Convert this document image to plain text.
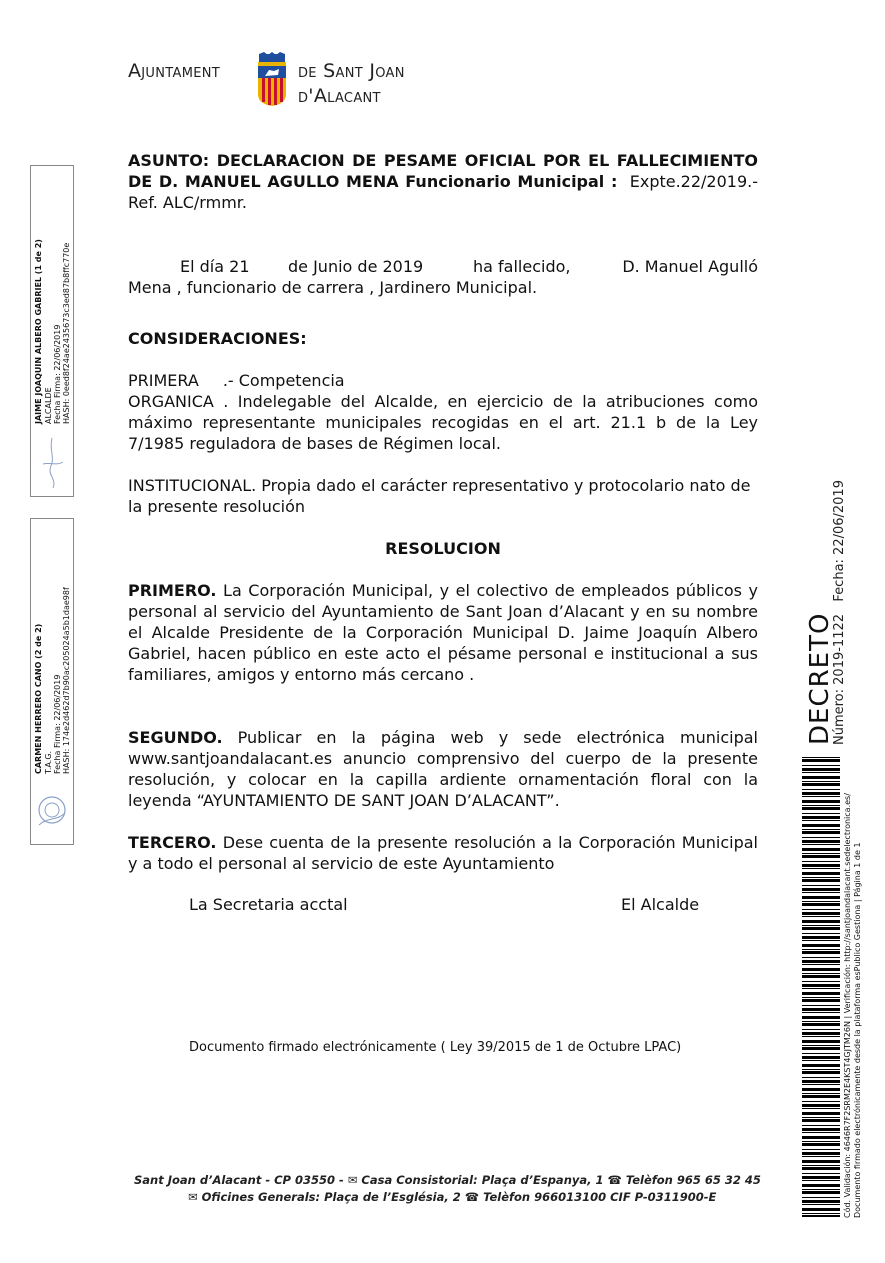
Ajuntament	de Sant Joan
d'Alacant
ASUNTO: DECLARACION DE PESAME OFICIAL POR EL FALLECIMIENTO DE D. MANUEL AGULLO MENA Funcionario Municipal : Expte.22/2019.-Ref. ALC/rmmr.
El día 21 de Junio de 2019	ha fallecido,	D. Manuel Agulló
Mena , funcionario de carrera , Jardinero Municipal.
CONSIDERACIONES:
PRIMERA .- Competencia
ORGANICA . Indelegable del Alcalde, en ejercicio de la atribuciones como máximo representante municipales recogidas en el art. 21.1 b de la Ley 7/1985 reguladora de bases de Régimen local.
INSTITUCIONAL. Propia dado el carácter representativo y protocolario nato de la presente resolución
RESOLUCION
PRIMERO. La Corporación Municipal, y el colectivo de empleados públicos y personal al servicio del Ayuntamiento de Sant Joan d’Alacant y en su nombre el Alcalde Presidente de la Corporación Municipal D. Jaime Joaquín Albero Gabriel, hacen público en este acto el pésame personal e institucional a sus familiares, amigos y entorno más cercano .
SEGUNDO. Publicar en la página web y sede electrónica municipal www.santjoandalacant.es anuncio comprensivo del cuerpo de la presente resolución, y colocar en la capilla ardiente ornamentación floral con la leyenda “AYUNTAMIENTO DE SANT JOAN D’ALACANT”.
TERCERO. Dese cuenta de la presente resolución a la Corporación Municipal y a todo el personal al servicio de este Ayuntamiento
La Secretaria acctal	El Alcalde
Documento firmado electrónicamente ( Ley 39/2015 de 1 de Octubre LPAC)
Sant Joan d’Alacant - CP 03550 - ✉ Casa Consistorial: Plaça d’Espanya, 1 ☎ Telèfon 965 65 32 45
✉ Oficines Generals: Plaça de l’Església, 2 ☎ Telèfon 966013100 CIF P-0311900-E
JAIME JOAQUIN ALBERO GABRIEL (1 de 2) ALCALDE Fecha Firma: 22/06/2019 HASH: 0eed8f24ae2435673c3ed87b8ffc770e
CARMEN HERRERO CANO (2 de 2) T.A.G. Fecha Firma: 22/06/2019 HASH: 174e2d462d7b90ac205024a5b1dae98f	DECRETO
Número: 2019-1122   Fecha: 22/06/2019
Cód. Validación: 4646R7F2SRM2E4KST4GJTM26N | Verificación: http://santjoandalacant.sedelectronica.es/ Documento firmado electrónicamente desde la plataforma esPublico Gestiona | Página 1 de 1
